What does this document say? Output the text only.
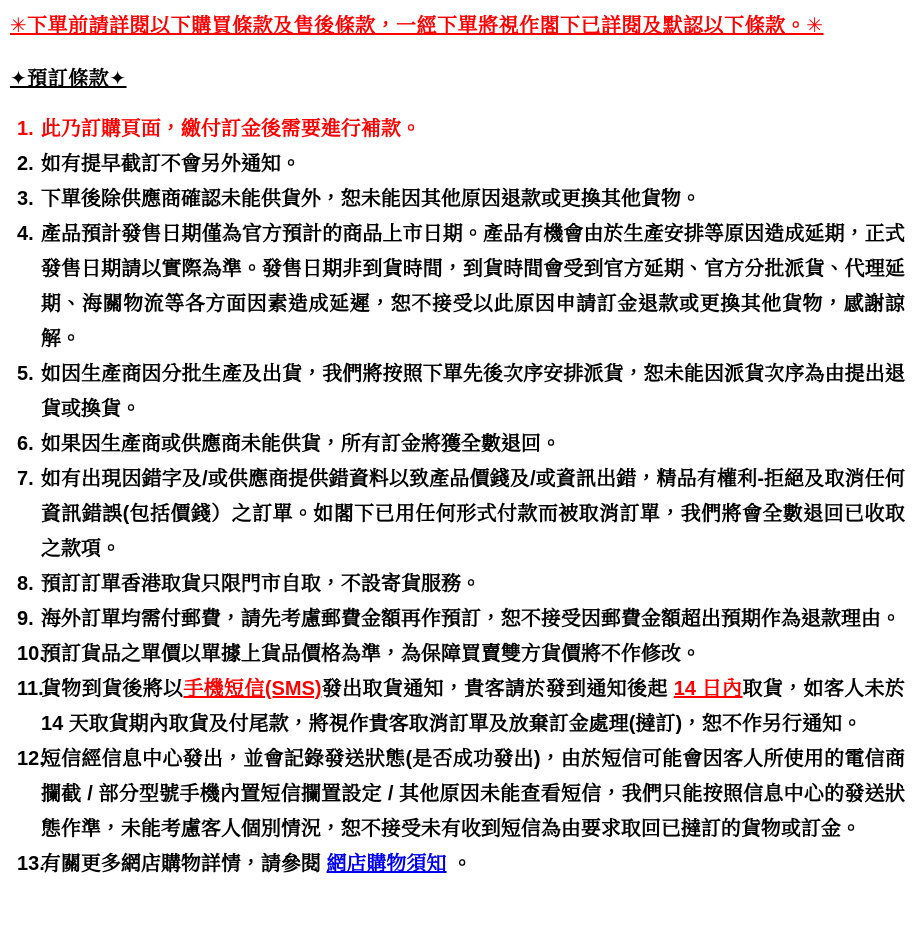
✳下單前請詳閱以下購買條款及售後條款，一經下單將視作閣下已詳閱及默認以下條款。✳

✦預訂條款✦
1. 此乃訂購頁面，繳付訂金後需要進行補款。
2. 如有提早截訂不會另外通知。
3. 下單後除供應商確認未能供貨外，恕未能因其他原因退款或更換其他貨物。
4. 產品預計發售日期僅為官方預計的商品上市日期。產品有機會由於生產安排等原因造成延期，正式發售日期請以實際為準。發售日期非到貨時間，到貨時間會受到官方延期、官方分批派貨、代理延期、海關物流等各方面因素造成延遲，恕不接受以此原因申請訂金退款或更換其他貨物，感謝諒解。
5. 如因生產商因分批生產及出貨，我們將按照下單先後次序安排派貨，恕未能因派貨次序為由提出退貨或換貨。
6. 如果因生產商或供應商未能供貨，所有訂金將獲全數退回。
7. 如有出現因錯字及/或供應商提供錯資料以致產品價錢及/或資訊出錯，精品有權利-拒絕及取消任何資訊錯誤(包括價錢）之訂單。如閣下已用任何形式付款而被取消訂單，我們將會全數退回已收取之款項。
8. 預訂訂單香港取貨只限門市自取，不設寄貨服務。
9. 海外訂單均需付郵費，請先考慮郵費金額再作預訂，恕不接受因郵費金額超出預期作為退款理由。
10.
預訂貨品之單價以單據上貨品價格為準，為保障買賣雙方貨價將不作修改。
11.
貨物到貨後將以手機短信(SMS)發出取貨通知，貴客請於發到通知後起 14 日內取貨，如客人未於 14 天取貨期內取貨及付尾款，將視作貴客取消訂單及放棄訂金處理(撻訂)，恕不作另行通知。
12.
短信經信息中心發出，並會記錄發送狀態(是否成功發出)，由於短信可能會因客人所使用的電信商攔截 / 部分型號手機內置短信攔置設定 / 其他原因未能查看短信，我們只能按照信息中心的發送狀態作準，未能考慮客人個別情況，恕不接受未有收到短信為由要求取回已撻訂的貨物或訂金。
13.
有關更多網店購物詳情，請參閱 網店購物須知 。
